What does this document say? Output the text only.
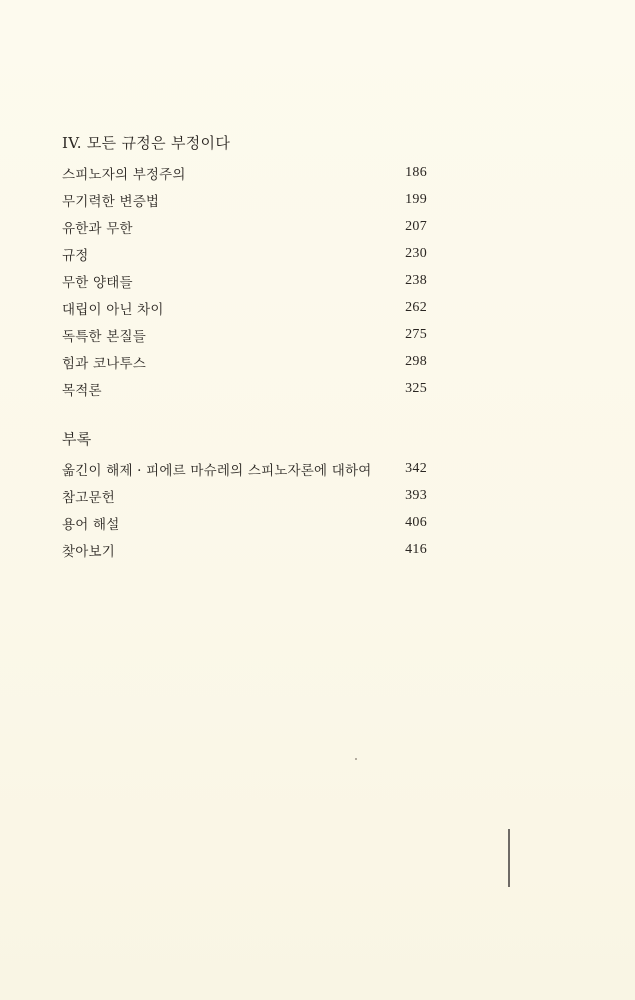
IV. 모든 규정은 부정이다
스피노자의 부정주의	186
무기력한 변증법	199
유한과 무한	207
규정	230
무한 양태들	238
대립이 아닌 차이	262
독특한 본질들	275
힘과 코나투스	298
목적론	325
부록
옮긴이 해제 · 피에르 마슈레의 스피노자론에 대하여 342
참고문헌	393
용어 해설	406
찾아보기	416
